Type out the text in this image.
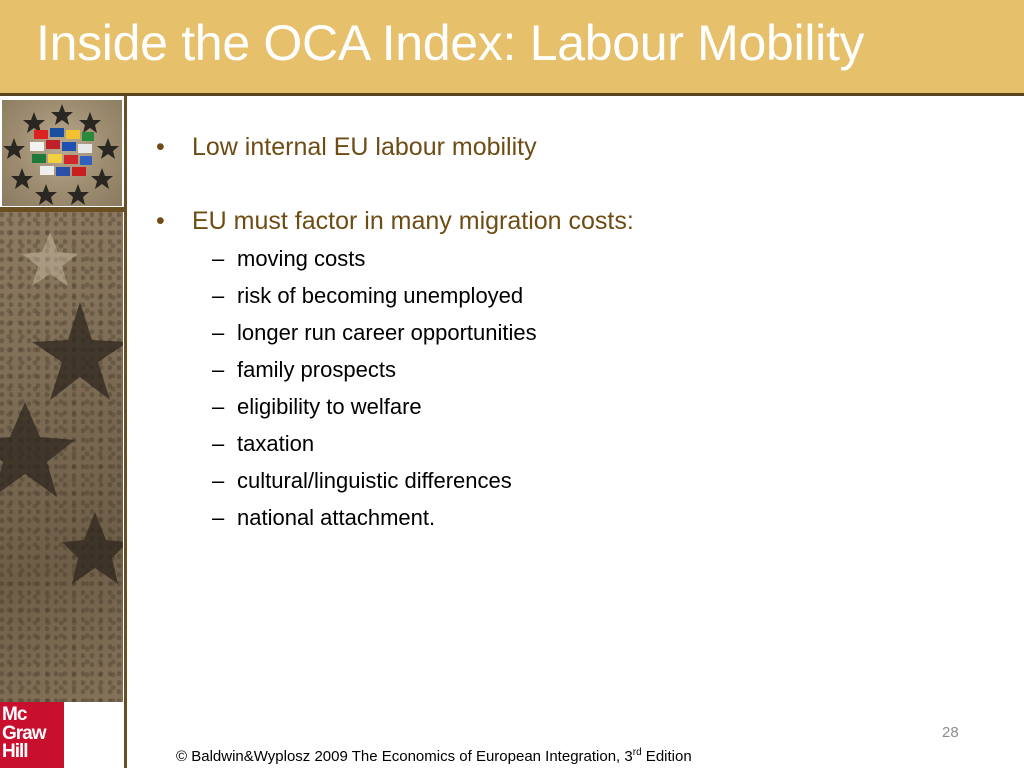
Inside the OCA Index: Labour Mobility
Mc
Graw
Hill

• Low internal EU labour mobility

• EU must factor in many migration costs:

– moving costs
– risk of becoming unemployed
– longer run career opportunities
– family prospects
– eligibility to welfare
– taxation
– cultural/linguistic differences
– national attachment.
28
© Baldwin&Wyplosz 2009 The Economics of European Integration, 3rd Edition
